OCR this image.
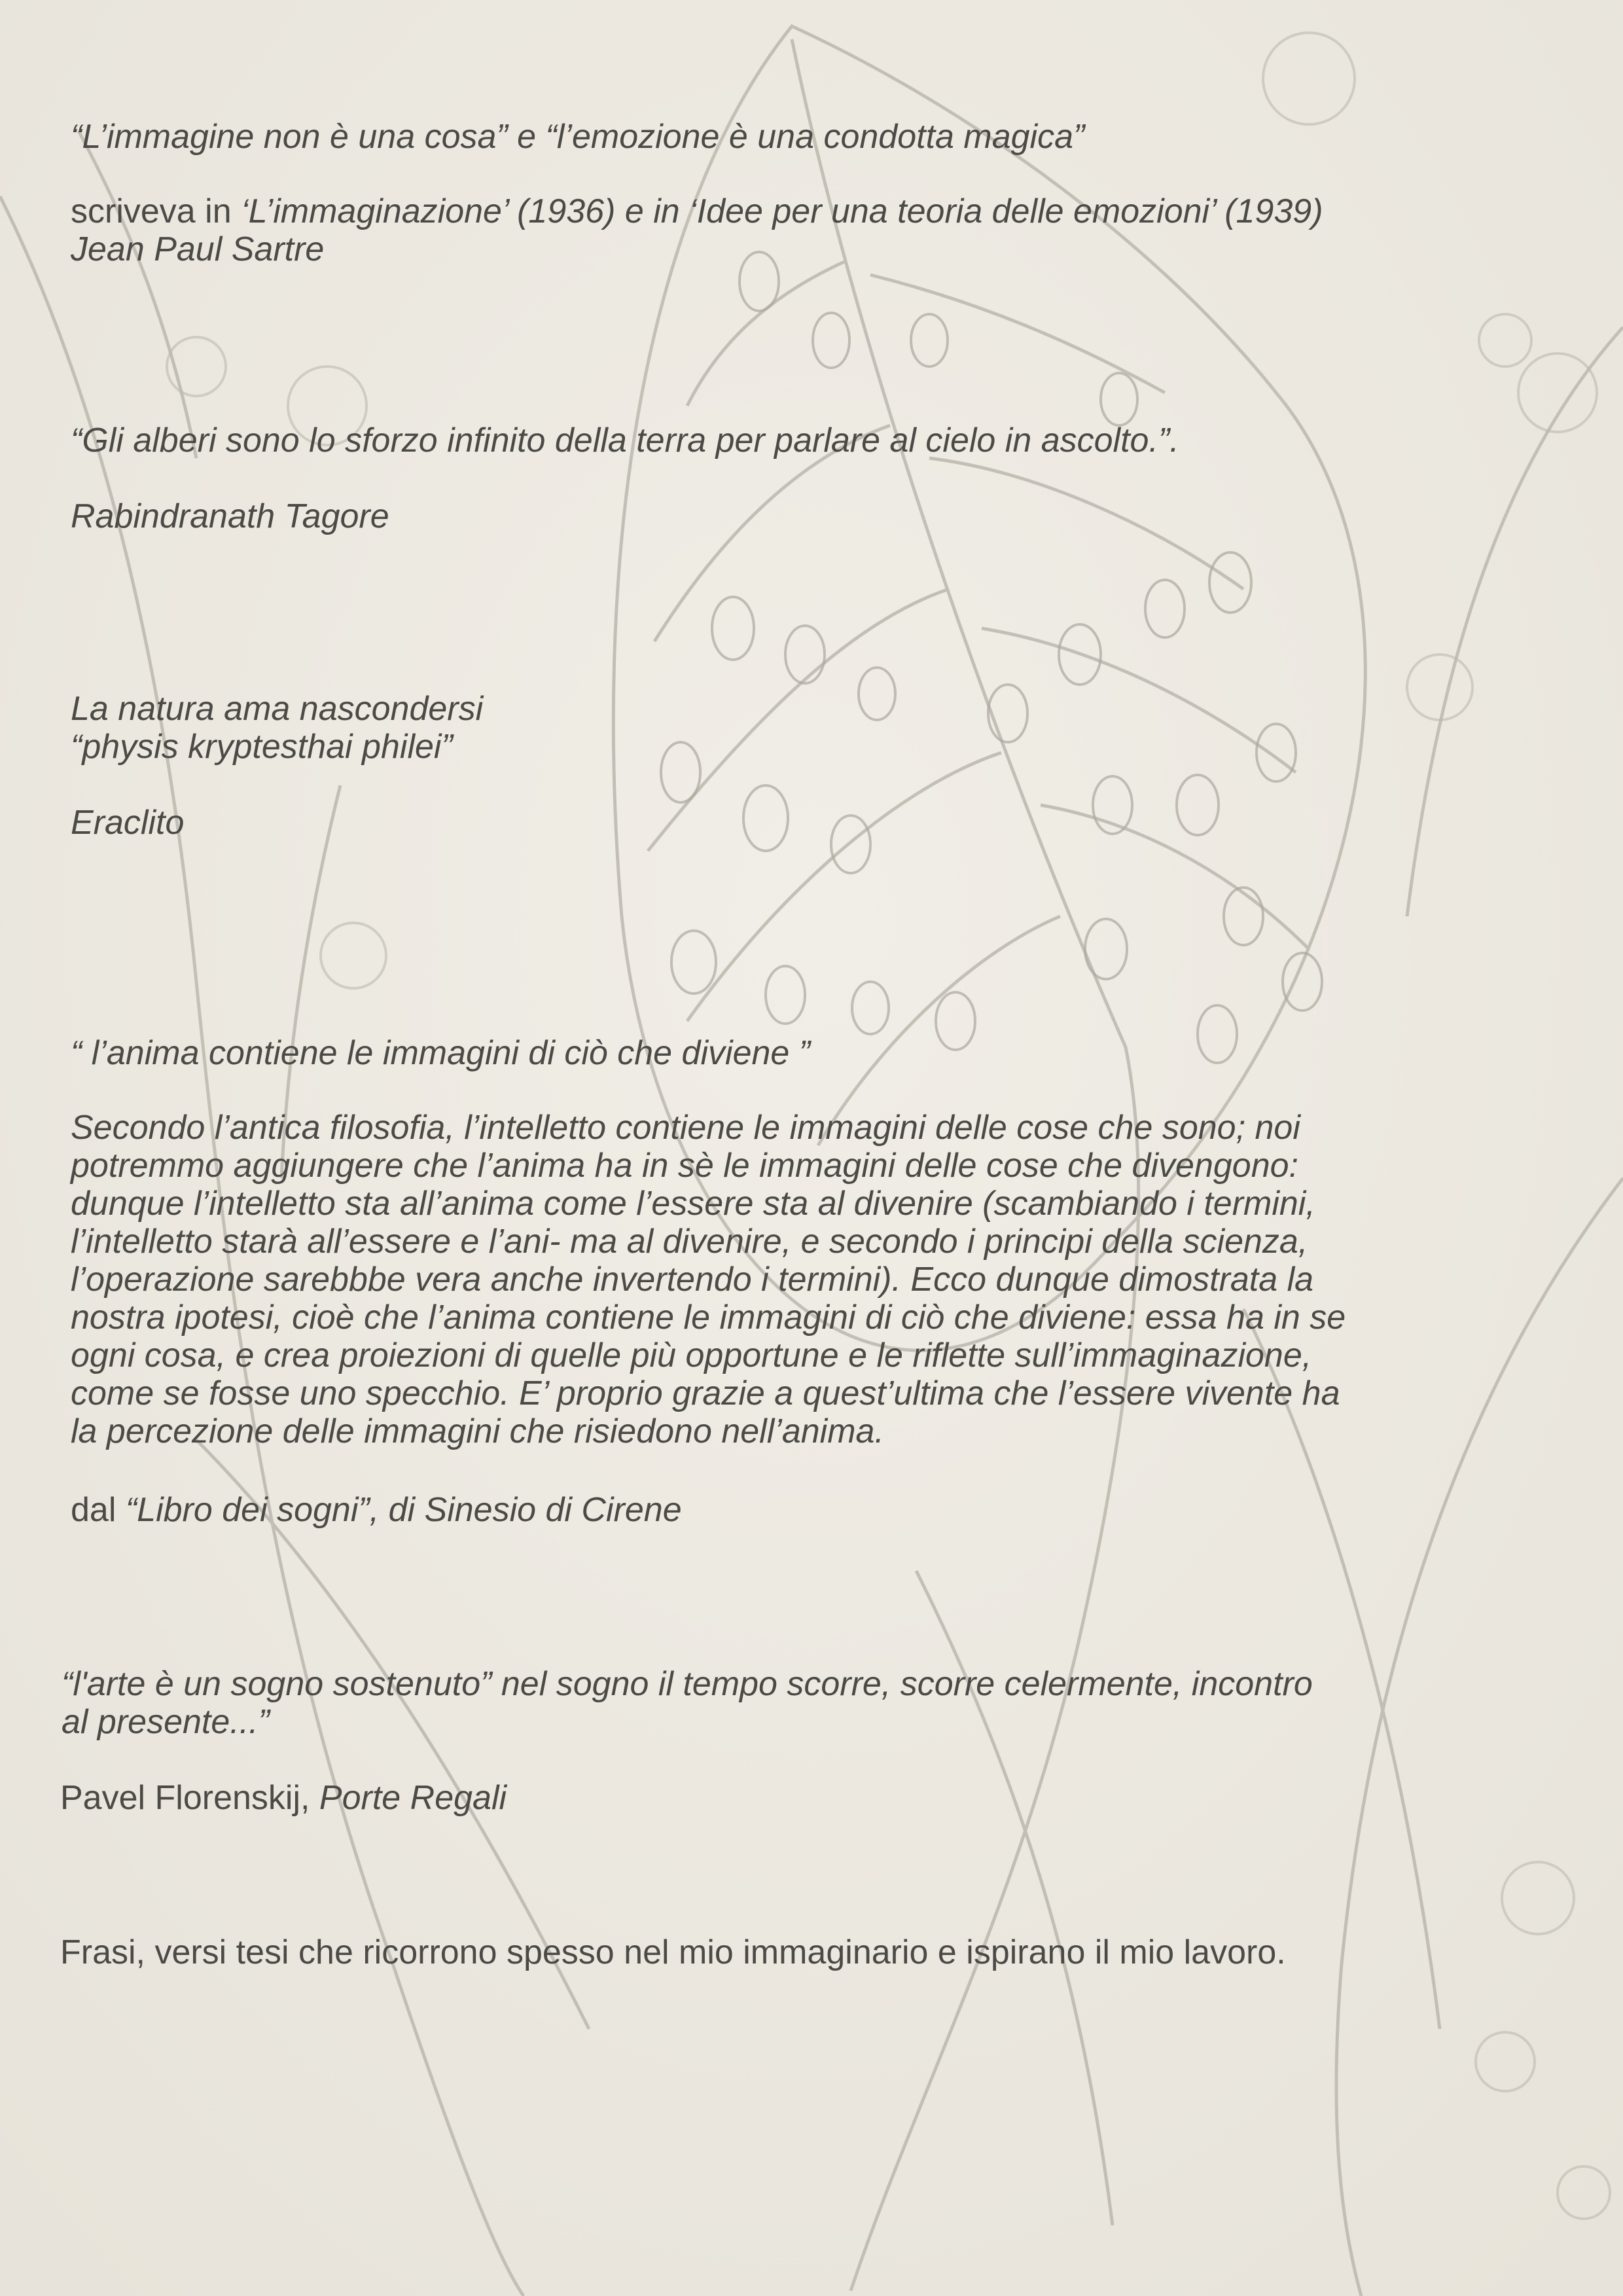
“L’immagine non è una cosa” e “l’emozione è una condotta magica”
scriveva in ‘L’immaginazione’ (1936) e in ‘Idee per una teoria delle emozioni’ (1939)
Jean Paul Sartre
“Gli alberi sono lo sforzo infinito della terra per parlare al cielo in ascolto.”.
Rabindranath Tagore
La natura ama nascondersi
“physis kryptesthai philei”
Eraclito
“ l’anima contiene le immagini di ciò che diviene ”
Secondo l’antica filosofia, l’intelletto contiene le immagini delle cose che sono; noi
potremmo aggiungere che l’anima ha in sè le immagini delle cose che divengono:
dunque l’intelletto sta all’anima come l’essere sta al divenire (scambiando i termini,
l’intelletto starà all’essere e l’ani- ma al divenire, e secondo i principi della scienza,
l’operazione sarebbbe vera anche invertendo i termini). Ecco dunque dimostrata la
nostra ipotesi, cioè che l’anima contiene le immagini di ciò che diviene: essa ha in se
ogni cosa, e crea proiezioni di quelle più opportune e le riflette sull’immaginazione,
come se fosse uno specchio. E’ proprio grazie a quest’ultima che l’essere vivente ha
la percezione delle immagini che risiedono nell’anima.
dal “Libro dei sogni”, di Sinesio di Cirene
“l'arte è un sogno sostenuto” nel sogno il tempo scorre, scorre celermente, incontro
al presente...”
Pavel Florenskij, Porte Regali
Frasi, versi tesi che ricorrono spesso nel mio immaginario e ispirano il mio lavoro.
